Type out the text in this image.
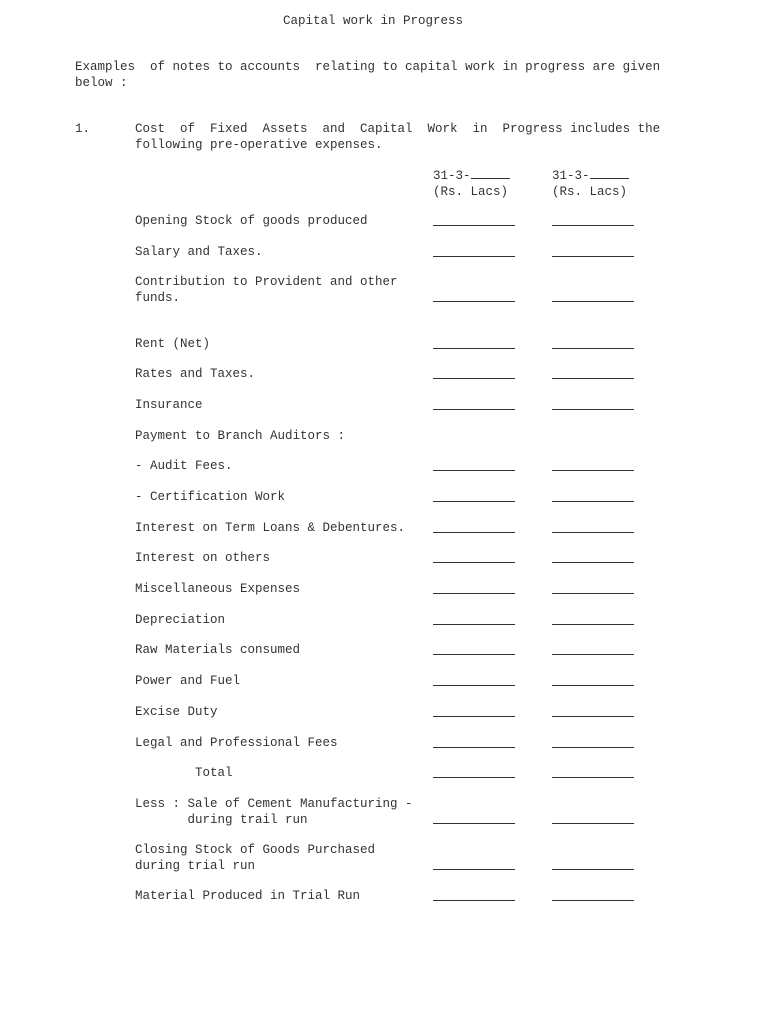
Capital work in Progress
Examples  of notes to accounts  relating to capital work in progress are given
below :
1.	Cost  of  Fixed  Assets  and  Capital  Work  in  Progress includes the
following pre-operative expenses.
31-3-
(Rs. Lacs)
31-3-
(Rs. Lacs)
Opening Stock of goods produced
Salary and Taxes.
Contribution to Provident and other
funds.
Rent (Net)
Rates and Taxes.
Insurance
Payment to Branch Auditors :
- Audit Fees.
- Certification Work
Interest on Term Loans & Debentures.
Interest on others
Miscellaneous Expenses
Depreciation
Raw Materials consumed
Power and Fuel
Excise Duty
Legal and Professional Fees
Total
Less : Sale of Cement Manufacturing -
during trail run
Closing Stock of Goods Purchased
during trial run
Material Produced in Trial Run
